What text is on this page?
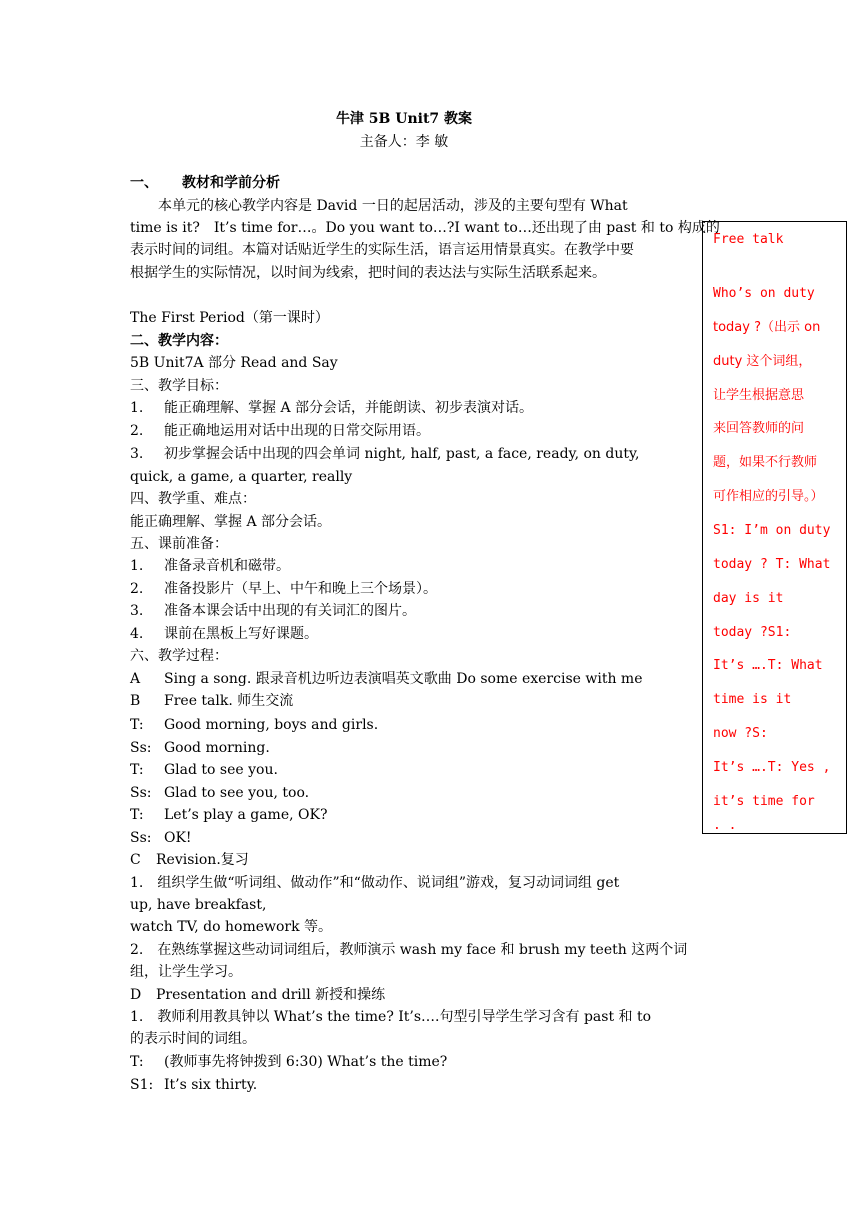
牛津 5B Unit7 教案
主备人：李 敏
一、 教材和学前分析
本单元的核心教学内容是 David 一日的起居活动，涉及的主要句型有 What
time is it?　It’s time for…。Do you want to…?I want to…还出现了由 past 和 to 构成的
表示时间的词组。本篇对话贴近学生的实际生活，语言运用情景真实。在教学中要
根据学生的实际情况，以时间为线索，把时间的表达法与实际生活联系起来。
The First Period（第一课时）
二、教学内容：
5B Unit7A 部分 Read and Say
三、教学目标：
1. 能正确理解、掌握 A 部分会话，并能朗读、初步表演对话。
2. 能正确地运用对话中出现的日常交际用语。
3. 初步掌握会话中出现的四会单词 night, half, past, a face, ready, on duty,
quick, a game, a quarter, really
四、教学重、难点：
能正确理解、掌握 A 部分会话。
五、课前准备：
1. 准备录音机和磁带。
2. 准备投影片（早上、中午和晚上三个场景）。
3. 准备本课会话中出现的有关词汇的图片。
4. 课前在黑板上写好课题。
六、教学过程：
A Sing a song. 跟录音机边听边表演唱英文歌曲 Do some exercise with me
B Free talk. 师生交流
T: Good morning, boys and girls.
Ss: Good morning.
T: Glad to see you.
Ss: Glad to see you, too.
T: Let’s play a game, OK?
Ss: OK!
C Revision.复习
1.　组织学生做“听词组、做动作”和“做动作、说词组”游戏，复习动词词组 get
up, have breakfast,
watch TV, do homework 等。
2.　在熟练掌握这些动词词组后，教师演示 wash my face 和 brush my teeth 这两个词
组，让学生学习。
D Presentation and drill 新授和操练
1.　教师利用教具钟以 What’s the time? It’s….句型引导学生学习含有 past 和 to
的表示时间的词组。
T: (教师事先将钟拨到 6:30) What’s the time?
S1: It’s six thirty.
Free talk
Who’s on duty
today ?（出示 on
duty 这个词组，
让学生根据意思
来回答教师的问
题，如果不行教师
可作相应的引导。）
S1: I’m on duty
today ? T: What
day is it
today ?S1:
It’s ….T: What
time is it
now ?S:
It’s ….T: Yes ,
it’s time for
. .
